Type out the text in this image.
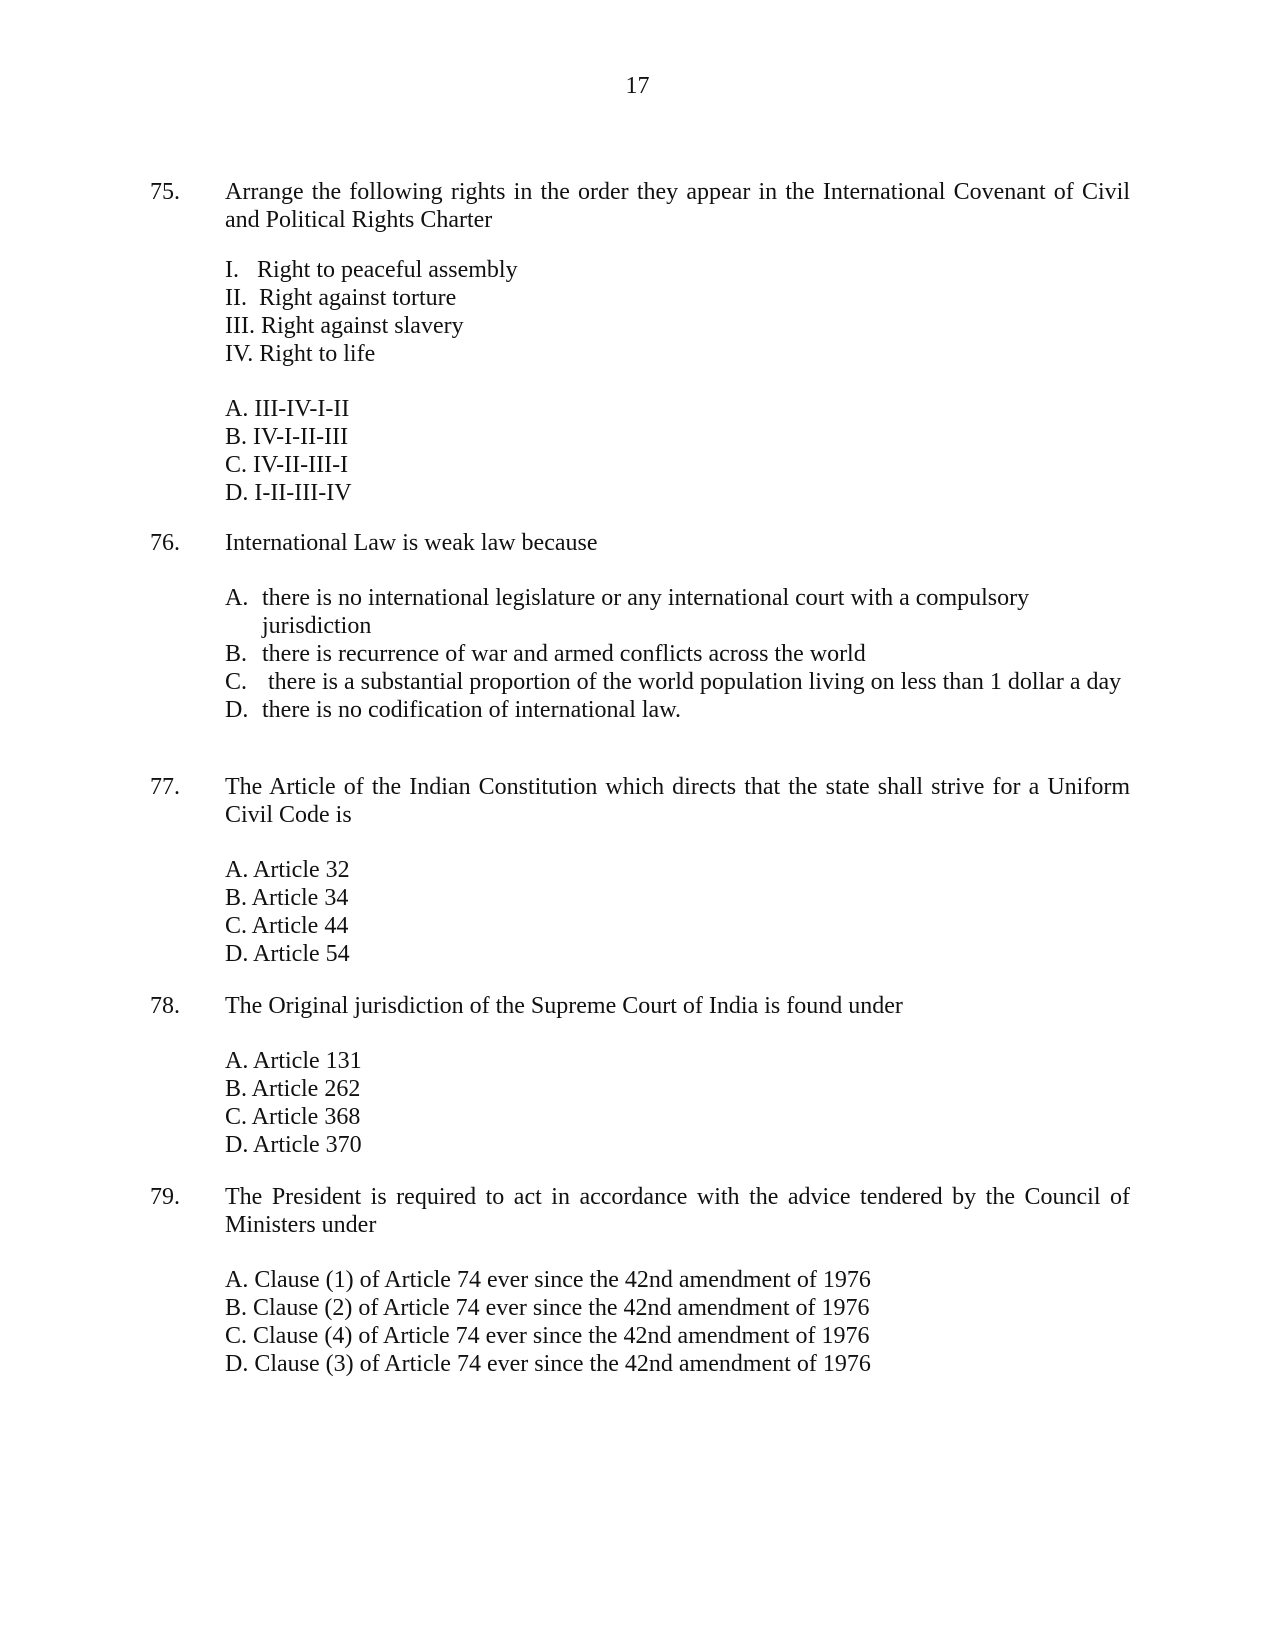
17
75. Arrange the following rights in the order they appear in the International Covenant of Civil and Political Rights Charter
I.   Right to peaceful assembly
II.  Right against torture
III. Right against slavery
IV. Right to life
A. III-IV-I-II
B. IV-I-II-III
C. IV-II-III-I
D. I-II-III-IV
76. International Law is weak law because
A. there is no international legislature or any international court with a compulsory jurisdiction
B. there is recurrence of war and armed conflicts across the world
C. there is a substantial proportion of the world population living on less than 1 dollar a day
D. there is no codification of international law.
77. The Article of the Indian Constitution which directs that the state shall strive for a Uniform Civil Code is
A. Article 32
B. Article 34
C. Article 44
D. Article 54
78. The Original jurisdiction of the Supreme Court of India is found under
A. Article 131
B. Article 262
C. Article 368
D. Article 370
79. The President is required to act in accordance with the advice tendered by the Council of Ministers under
A. Clause (1) of Article 74 ever since the 42nd amendment of 1976
B. Clause (2) of Article 74 ever since the 42nd amendment of 1976
C. Clause (4) of Article 74 ever since the 42nd amendment of 1976
D. Clause (3) of Article 74 ever since the 42nd amendment of 1976
